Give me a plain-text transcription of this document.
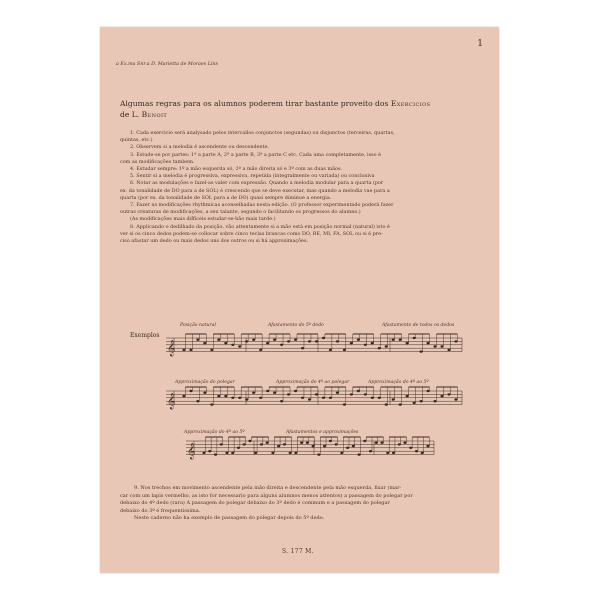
1
a Ex.ma Snr.a D. Marietta de Moraes Lins
Algumas regras para os alumnos poderem tirar bastante proveito dos Exercicios
de L. Benoit

1. Cada exercicio será analysado pelos intervallos conjunctos (segundas) ou disjunctos (terceiras, quartas,

quintas, etc.)

2. Observem si a melodia é ascendente ou descendente.

3. Estude-se por partes: 1ª a parte A, 2ª a parte B, 3ª a parte C etc. Cada uma completamente, isso é

com as modificações tambem.

4. Estudar sempre: 1º a mão esquerda só, 2º a mão direita só e 3º com as duas mãos.

5. Sentir si a melodia é progressiva, expressiva, repetida (integralmente ou variada) ou conclusiva

6. Notar as modulações e fazel-as valer com expressão. Quando a melodia modular para a quarta (por

ex. da tonalidade de DO para a de SOL) é crescendo que se deve executar, mas quando a melodia vae para a

quarta (por ex. da tonalidade de SOL para a de DO) quasi sempre diminue a energia.

7. Fazer as modificações rhythmicas aconselhadas nesta edição. (O professor experimentado poderá fazer

outras creaturas de modificações, a seu talante, segundo o facilitando os progressos do alumno.)

(As modificações mais difficeis estudar-se-hão mais tarde.)

8. Applicando o dedilhado da posição, vão attentamente si a mão está em posição normal (natural) isto é

ver si os cinco dedos podem-se collocar sobre cinco teclas brancas como DO, RE, MI, FA, SOL ou si é pre-

ciso afastar um dedo ou mais dedos uns dos outros ou si há approximações.

Exemplos
Posição natural	Afastamento do 5º dedo	Afastamento de todos os dedos
Approximação do polegar	Approximação do 4º ao polegar	Approximação do 4º ao 5º
Approximação do 4º ao 5º	Afastamentos e approximações
𝄞
𝄞
𝄞

9. Nos trechos em movimento ascendente pela mão direita e descendente pela mão esquerda, fixar (mar-

car com um lapis vermelho, as isto for necessario para alguns alumnos menos attentos) a passagem do polegar por

debaixo do 4º dedo (rara) A passagem do polegar debaixo do 3º dedo é commum e a passagem do polegar

debaixo do 3º é frequentissima.

Neste caderno não ha exemplo de passagem do polegar depois do 5º dedo.

S. 177 M.
